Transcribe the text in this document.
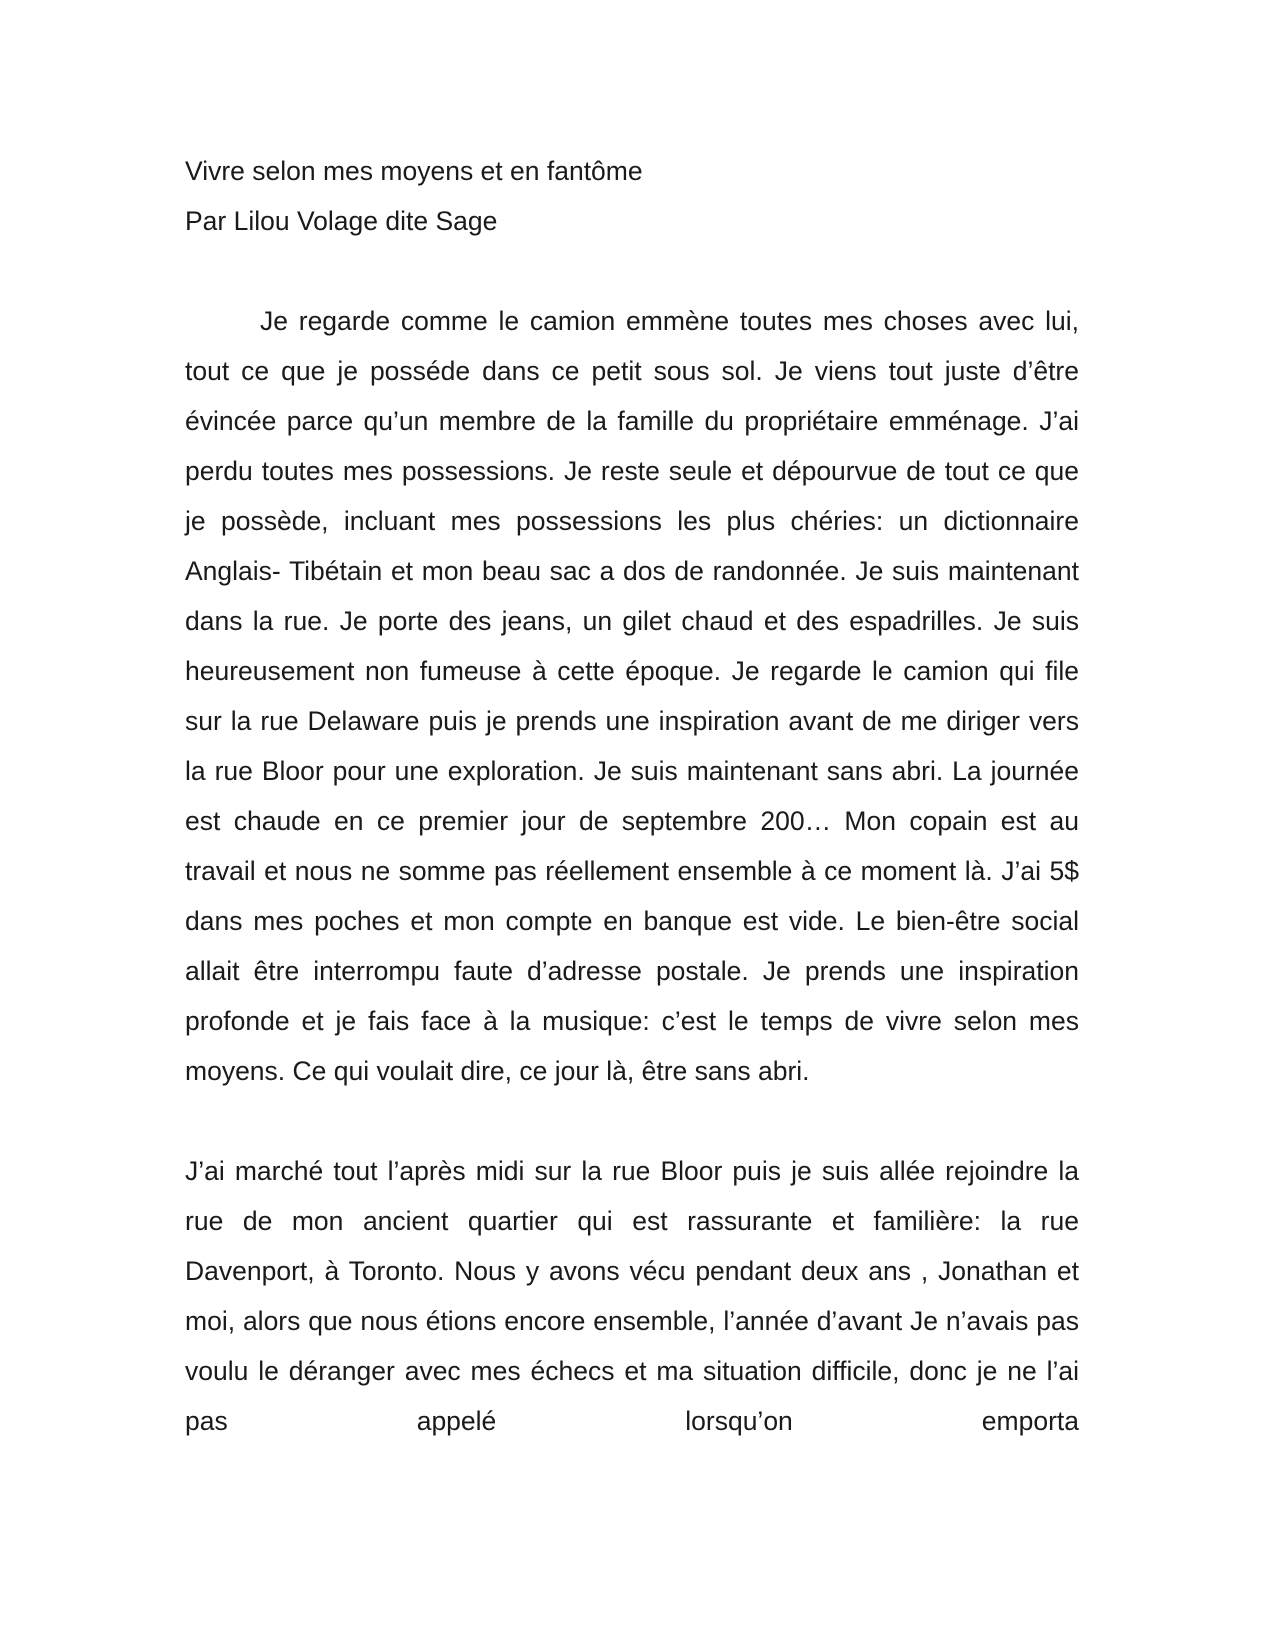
Vivre selon mes moyens et en fantôme
Par Lilou Volage dite Sage

Je regarde comme le camion emmène toutes mes choses avec lui, tout ce que je posséde dans ce petit sous sol. Je viens tout juste d’être évincée parce qu’un membre de la famille du propriétaire emménage. J’ai perdu toutes mes possessions. Je reste seule et dépourvue de tout ce que je possède, incluant mes possessions les plus chéries: un dictionnaire Anglais- Tibétain et mon beau sac a dos de randonnée. Je suis maintenant dans la rue. Je porte des jeans, un gilet chaud et des espadrilles. Je suis heureusement non fumeuse à cette époque. Je regarde le camion qui file sur la rue Delaware puis je prends une inspiration avant de me diriger vers la rue Bloor pour une exploration. Je suis maintenant sans abri. La journée est chaude en ce premier jour de septembre 200… Mon copain est au travail et nous ne somme pas réellement ensemble à ce moment là. J’ai 5$ dans mes poches et mon compte en banque est vide. Le bien-être social allait être interrompu faute d’adresse postale. Je prends une inspiration profonde et je fais face à la musique: c’est le temps de vivre selon mes moyens. Ce qui voulait dire, ce jour là, être sans abri.

J’ai marché tout l’après midi sur la rue Bloor puis je suis allée rejoindre la rue de mon ancient quartier qui est rassurante et familière: la rue Davenport, à Toronto. Nous y avons vécu pendant deux ans , Jonathan et moi, alors que nous étions encore ensemble, l’année d’avant Je n’avais pas voulu le déranger avec mes échecs et ma situation difficile, donc je ne l’ai pas appelé lorsqu’on emporta
